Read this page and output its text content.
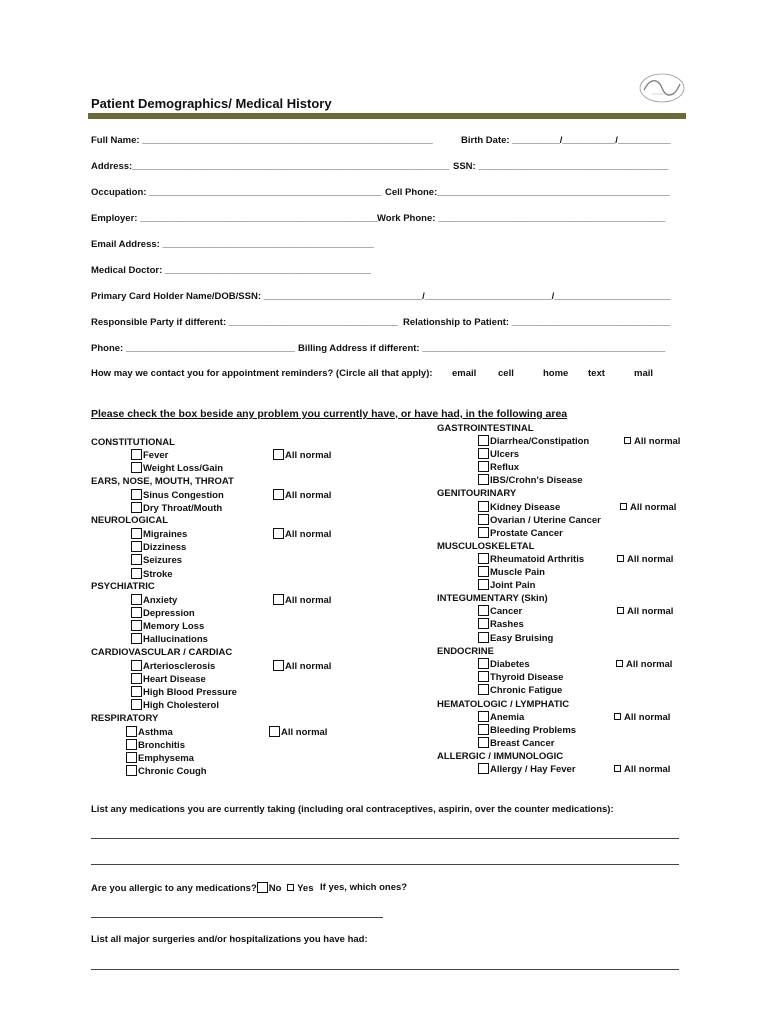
Patient Demographics/ Medical History
Full Name: _______________________________________________________	Birth Date: _________/__________/__________
Address:____________________________________________________________ SSN: ____________________________________
Occupation: ____________________________________________ Cell Phone:____________________________________________
Employer: _____________________________________________ Work Phone: ___________________________________________
Email Address: ________________________________________
Medical Doctor: _______________________________________
Primary Card Holder Name/DOB/SSN: ______________________________/________________________/______________________
Responsible Party if different: ________________________________ Relationship to Patient: ______________________________
Phone: ________________________________ Billing Address if different: ______________________________________________
How may we contact you for appointment reminders? (Circle all that apply): email cell	home text	mail
Please check the box beside any problem you currently have, or have had, in the following area
CONSTITUTIONAL
Fever
Weight Loss/Gain
All normal
EARS, NOSE, MOUTH, THROAT
Sinus Congestion
Dry Throat/Mouth
All normal
NEUROLOGICAL
Migraines
Dizziness
Seizures
Stroke
All normal
PSYCHIATRIC
Anxiety
Depression
Memory Loss
Hallucinations
All normal
CARDIOVASCULAR / CARDIAC
Arteriosclerosis
Heart Disease
High Blood Pressure
High Cholesterol
All normal
RESPIRATORY
Asthma
Bronchitis
Emphysema
Chronic Cough
All normal
GASTROINTESTINAL
Diarrhea/Constipation
Ulcers
Reflux
IBS/Crohn's Disease
All normal
GENITOURINARY
Kidney Disease
Ovarian / Uterine Cancer
Prostate Cancer
All normal
MUSCULOSKELETAL
Rheumatoid Arthritis
Muscle Pain
Joint Pain
All normal
INTEGUMENTARY (Skin)
Cancer
Rashes
Easy Bruising
All normal
ENDOCRINE
Diabetes
Thyroid Disease
Chronic Fatigue
All normal
HEMATOLOGIC / LYMPHATIC
Anemia
Bleeding Problems
Breast Cancer
All normal
ALLERGIC / IMMUNOLOGIC
Allergy / Hay Fever	All normal
List any medications you are currently taking (including oral contraceptives, aspirin, over the counter medications):
Are you allergic to any medications? No Yes If yes, which ones?
List all major surgeries and/or hospitalizations you have had:
